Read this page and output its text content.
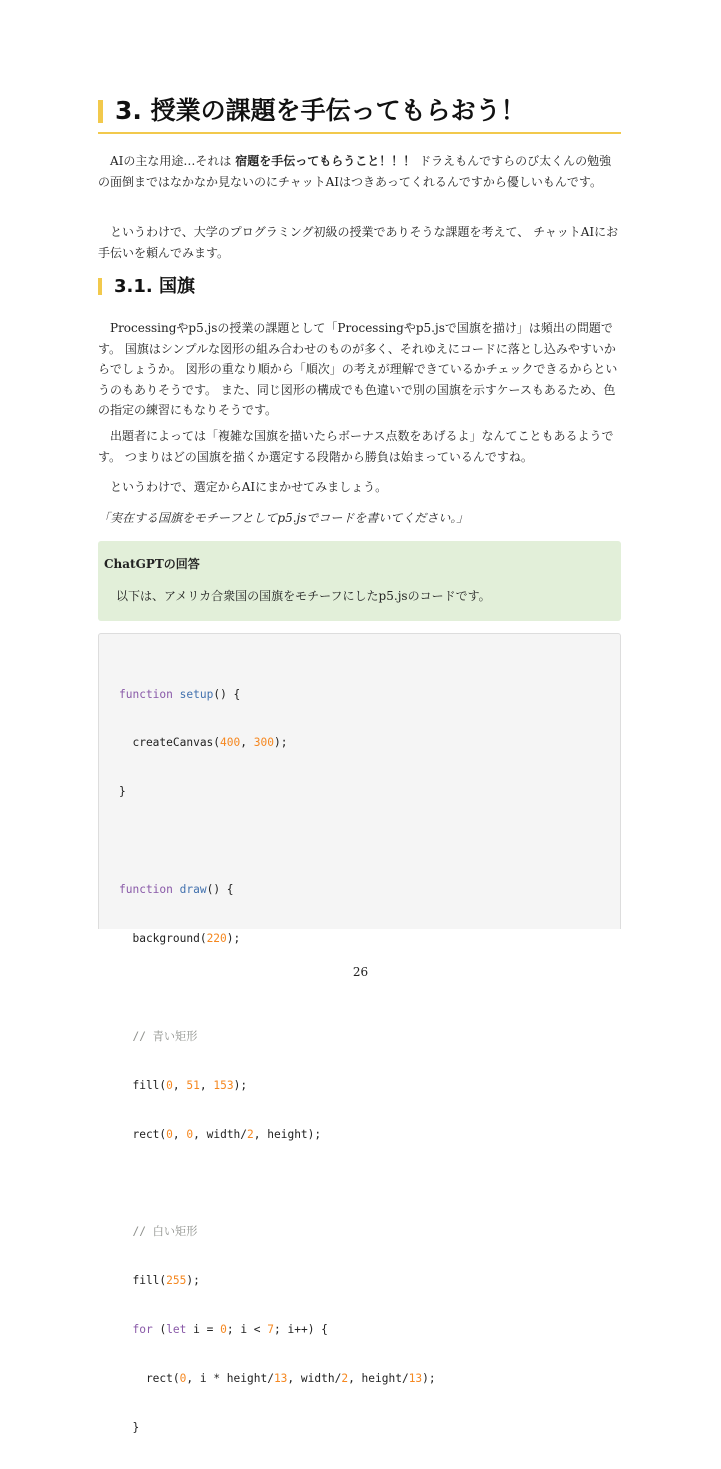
3. 授業の課題を手伝ってもらおう！

AIの主な用途…それは 宿題を手伝ってもらうこと！！！ ドラえもんですらのび太くんの勉強の面倒まではなかなか見ないのにチャットAIはつきあってくれるんですから優しいもんです。

というわけで、大学のプログラミング初級の授業でありそうな課題を考えて、 チャットAIにお手伝いを頼んでみます。

3.1. 国旗

Processingやp5.jsの授業の課題として「Processingやp5.jsで国旗を描け」は頻出の問題です。 国旗はシンプルな図形の組み合わせのものが多く、それゆえにコードに落とし込みやすいからでしょうか。 図形の重なり順から「順次」の考えが理解できているかチェックできるからというのもありそうです。 また、同じ図形の構成でも色違いで別の国旗を示すケースもあるため、色の指定の練習にもなりそうです。

出題者によっては「複雑な国旗を描いたらボーナス点数をあげるよ」なんてこともあるようです。 つまりはどの国旗を描くか選定する段階から勝負は始まっているんですね。

というわけで、選定からAIにまかせてみましょう。

「実在する国旗をモチーフとしてp5.jsでコードを書いてください。」
ChatGPTの回答
以下は、アメリカ合衆国の国旗をモチーフにしたp5.jsのコードです。

function setup() {

createCanvas(400, 300);

}

function draw() {

background(220);

// 青い矩形

fill(0, 51, 153);

rect(0, 0, width/2, height);

// 白い矩形

fill(255);

for (let i = 0; i < 7; i++) {

rect(0, i * height/13, width/2, height/13);

}

26
